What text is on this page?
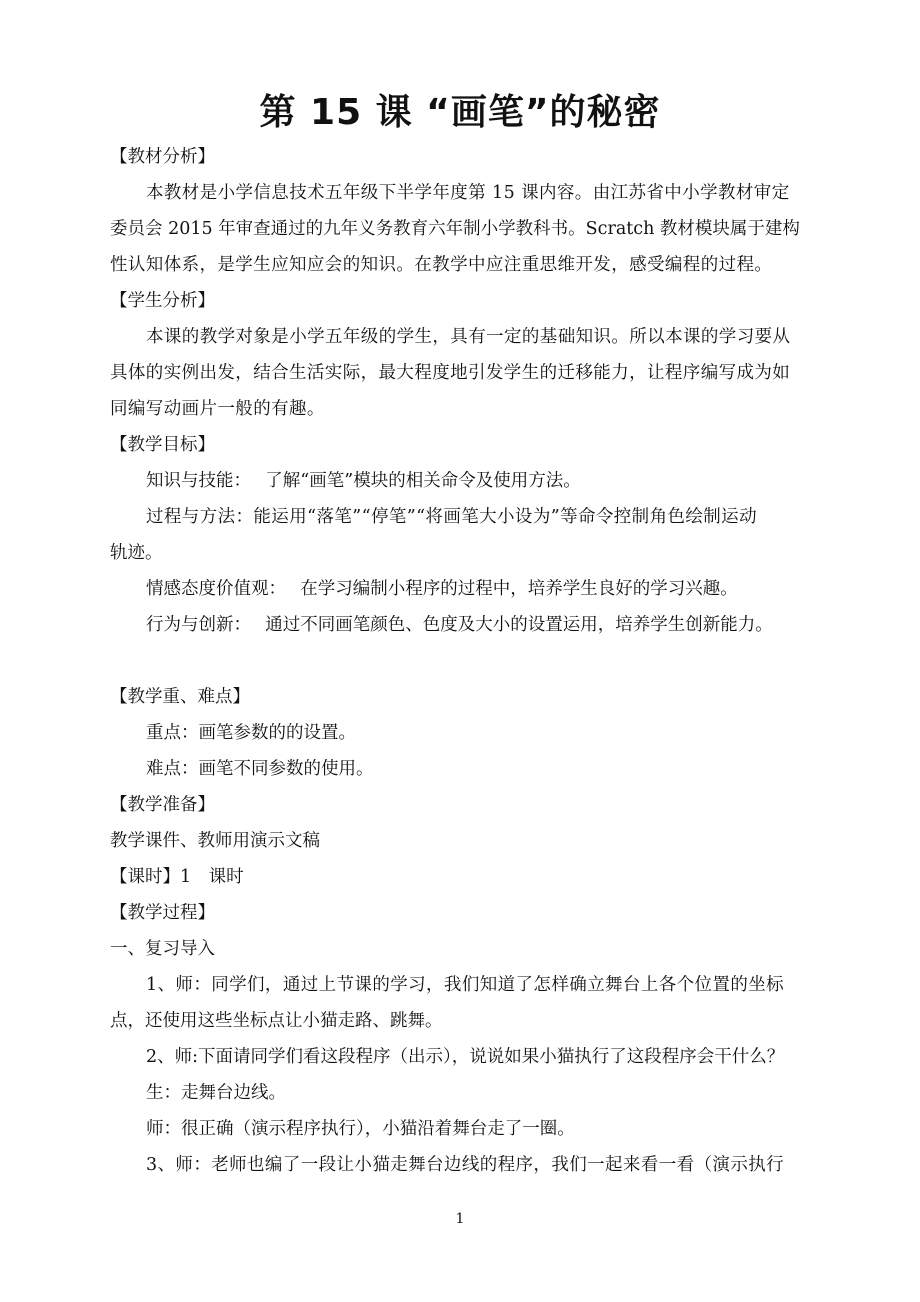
第 15 课 “画笔”的秘密
【教材分析】
本教材是小学信息技术五年级下半学年度第 15 课内容。由江苏省中小学教材审定
委员会 2015 年审查通过的九年义务教育六年制小学教科书。Scratch 教材模块属于建构
性认知体系，是学生应知应会的知识。在教学中应注重思维开发，感受编程的过程。
【学生分析】
本课的教学对象是小学五年级的学生，具有一定的基础知识。所以本课的学习要从
具体的实例出发，结合生活实际，最大程度地引发学生的迁移能力，让程序编写成为如
同编写动画片一般的有趣。
【教学目标】
知识与技能：　 了解“画笔”模块的相关命令及使用方法。
过程与方法：能运用“落笔”“停笔”“将画笔大小设为”等命令控制角色绘制运动
轨迹。
情感态度价值观：　 在学习编制小程序的过程中，培养学生良好的学习兴趣。
行为与创新：　 通过不同画笔颜色、色度及大小的设置运用，培养学生创新能力。
【教学重、难点】
重点：画笔参数的的设置。
难点：画笔不同参数的使用。
【教学准备】
教学课件、教师用演示文稿
【课时】1　课时
【教学过程】
一、复习导入
1、师：同学们，通过上节课的学习，我们知道了怎样确立舞台上各个位置的坐标
点，还使用这些坐标点让小猫走路、跳舞。
2、师:下面请同学们看这段程序（出示），说说如果小猫执行了这段程序会干什么？
生：走舞台边线。
师：很正确（演示程序执行），小猫沿着舞台走了一圈。
3、师：老师也编了一段让小猫走舞台边线的程序，我们一起来看一看（演示执行
1
